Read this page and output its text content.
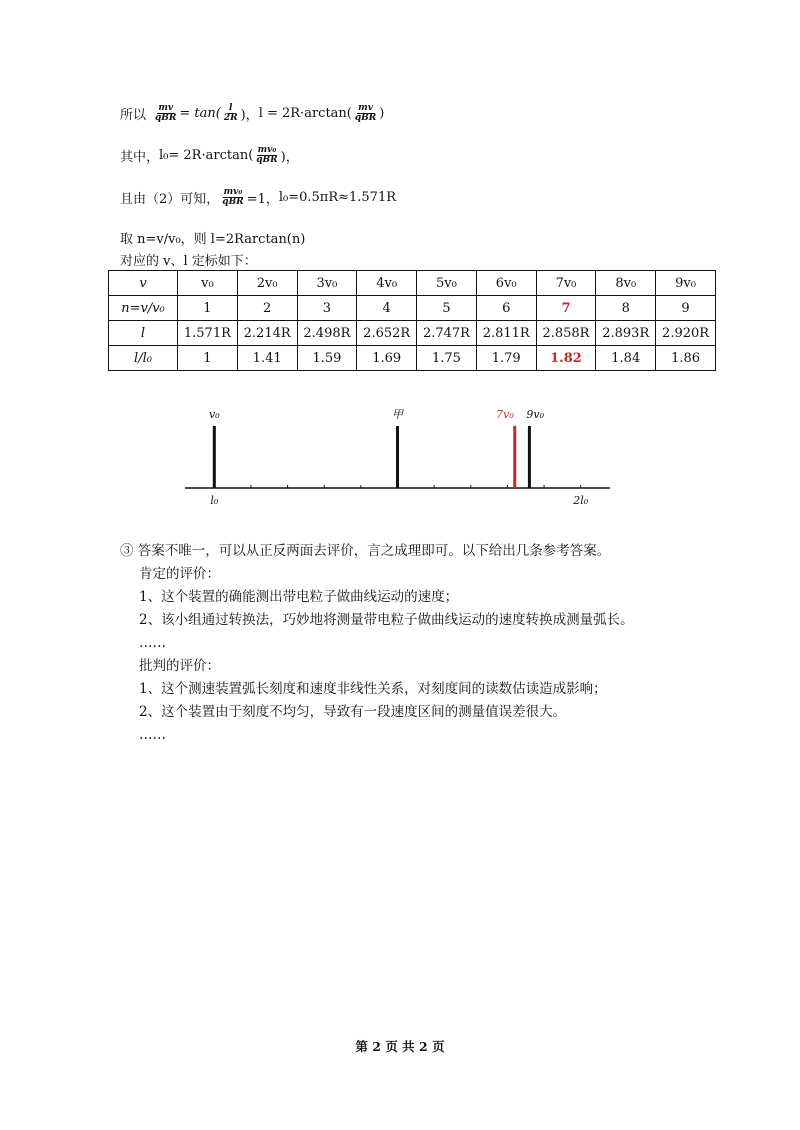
所以 $\frac{mv}{\text{qBR}} = \tan( \frac{l}{2R}$ )， $l = 2R\cdot\arctan( \frac{mv}{\text{qBR}}$ )
其中， $l_0= 2R\cdot\arctan( \frac{\text{mv₀}}{\text{qBR}}$ )，
且由（2）可知， $\frac{\text{mv₀}}{\text{qBR}} =1$， l₀=0.5πR≈1.571R
取 n=v/v₀，则 l=2Rarctan(n)
对应的 v、l 定标如下：
v	v₀	2v₀	3v₀	4v₀	5v₀	6v₀	7v₀	8v₀	9v₀
n=v/v₀	1	2	3	4	5	6	7	8	9
l	1.571R	2.214R	2.498R	2.652R	2.747R	2.811R	2.858R	2.893R	2.920R
l/l₀	1	1.41	1.59	1.69	1.75	1.79	1.82	1.84	1.86
v₀	甲	7v₀ 9v₀
l₀	2l₀
③ 答案不唯一，可以从正反两面去评价，言之成理即可。以下给出几条参考答案。
肯定的评价：
1、这个装置的确能测出带电粒子做曲线运动的速度；
2、该小组通过转换法，巧妙地将测量带电粒子做曲线运动的速度转换成测量弧长。
……
批判的评价：
1、这个测速装置弧长刻度和速度非线性关系，对刻度间的读数估读造成影响；
2、这个装置由于刻度不均匀，导致有一段速度区间的测量值误差很大。
……
第 2 页 共 2 页
